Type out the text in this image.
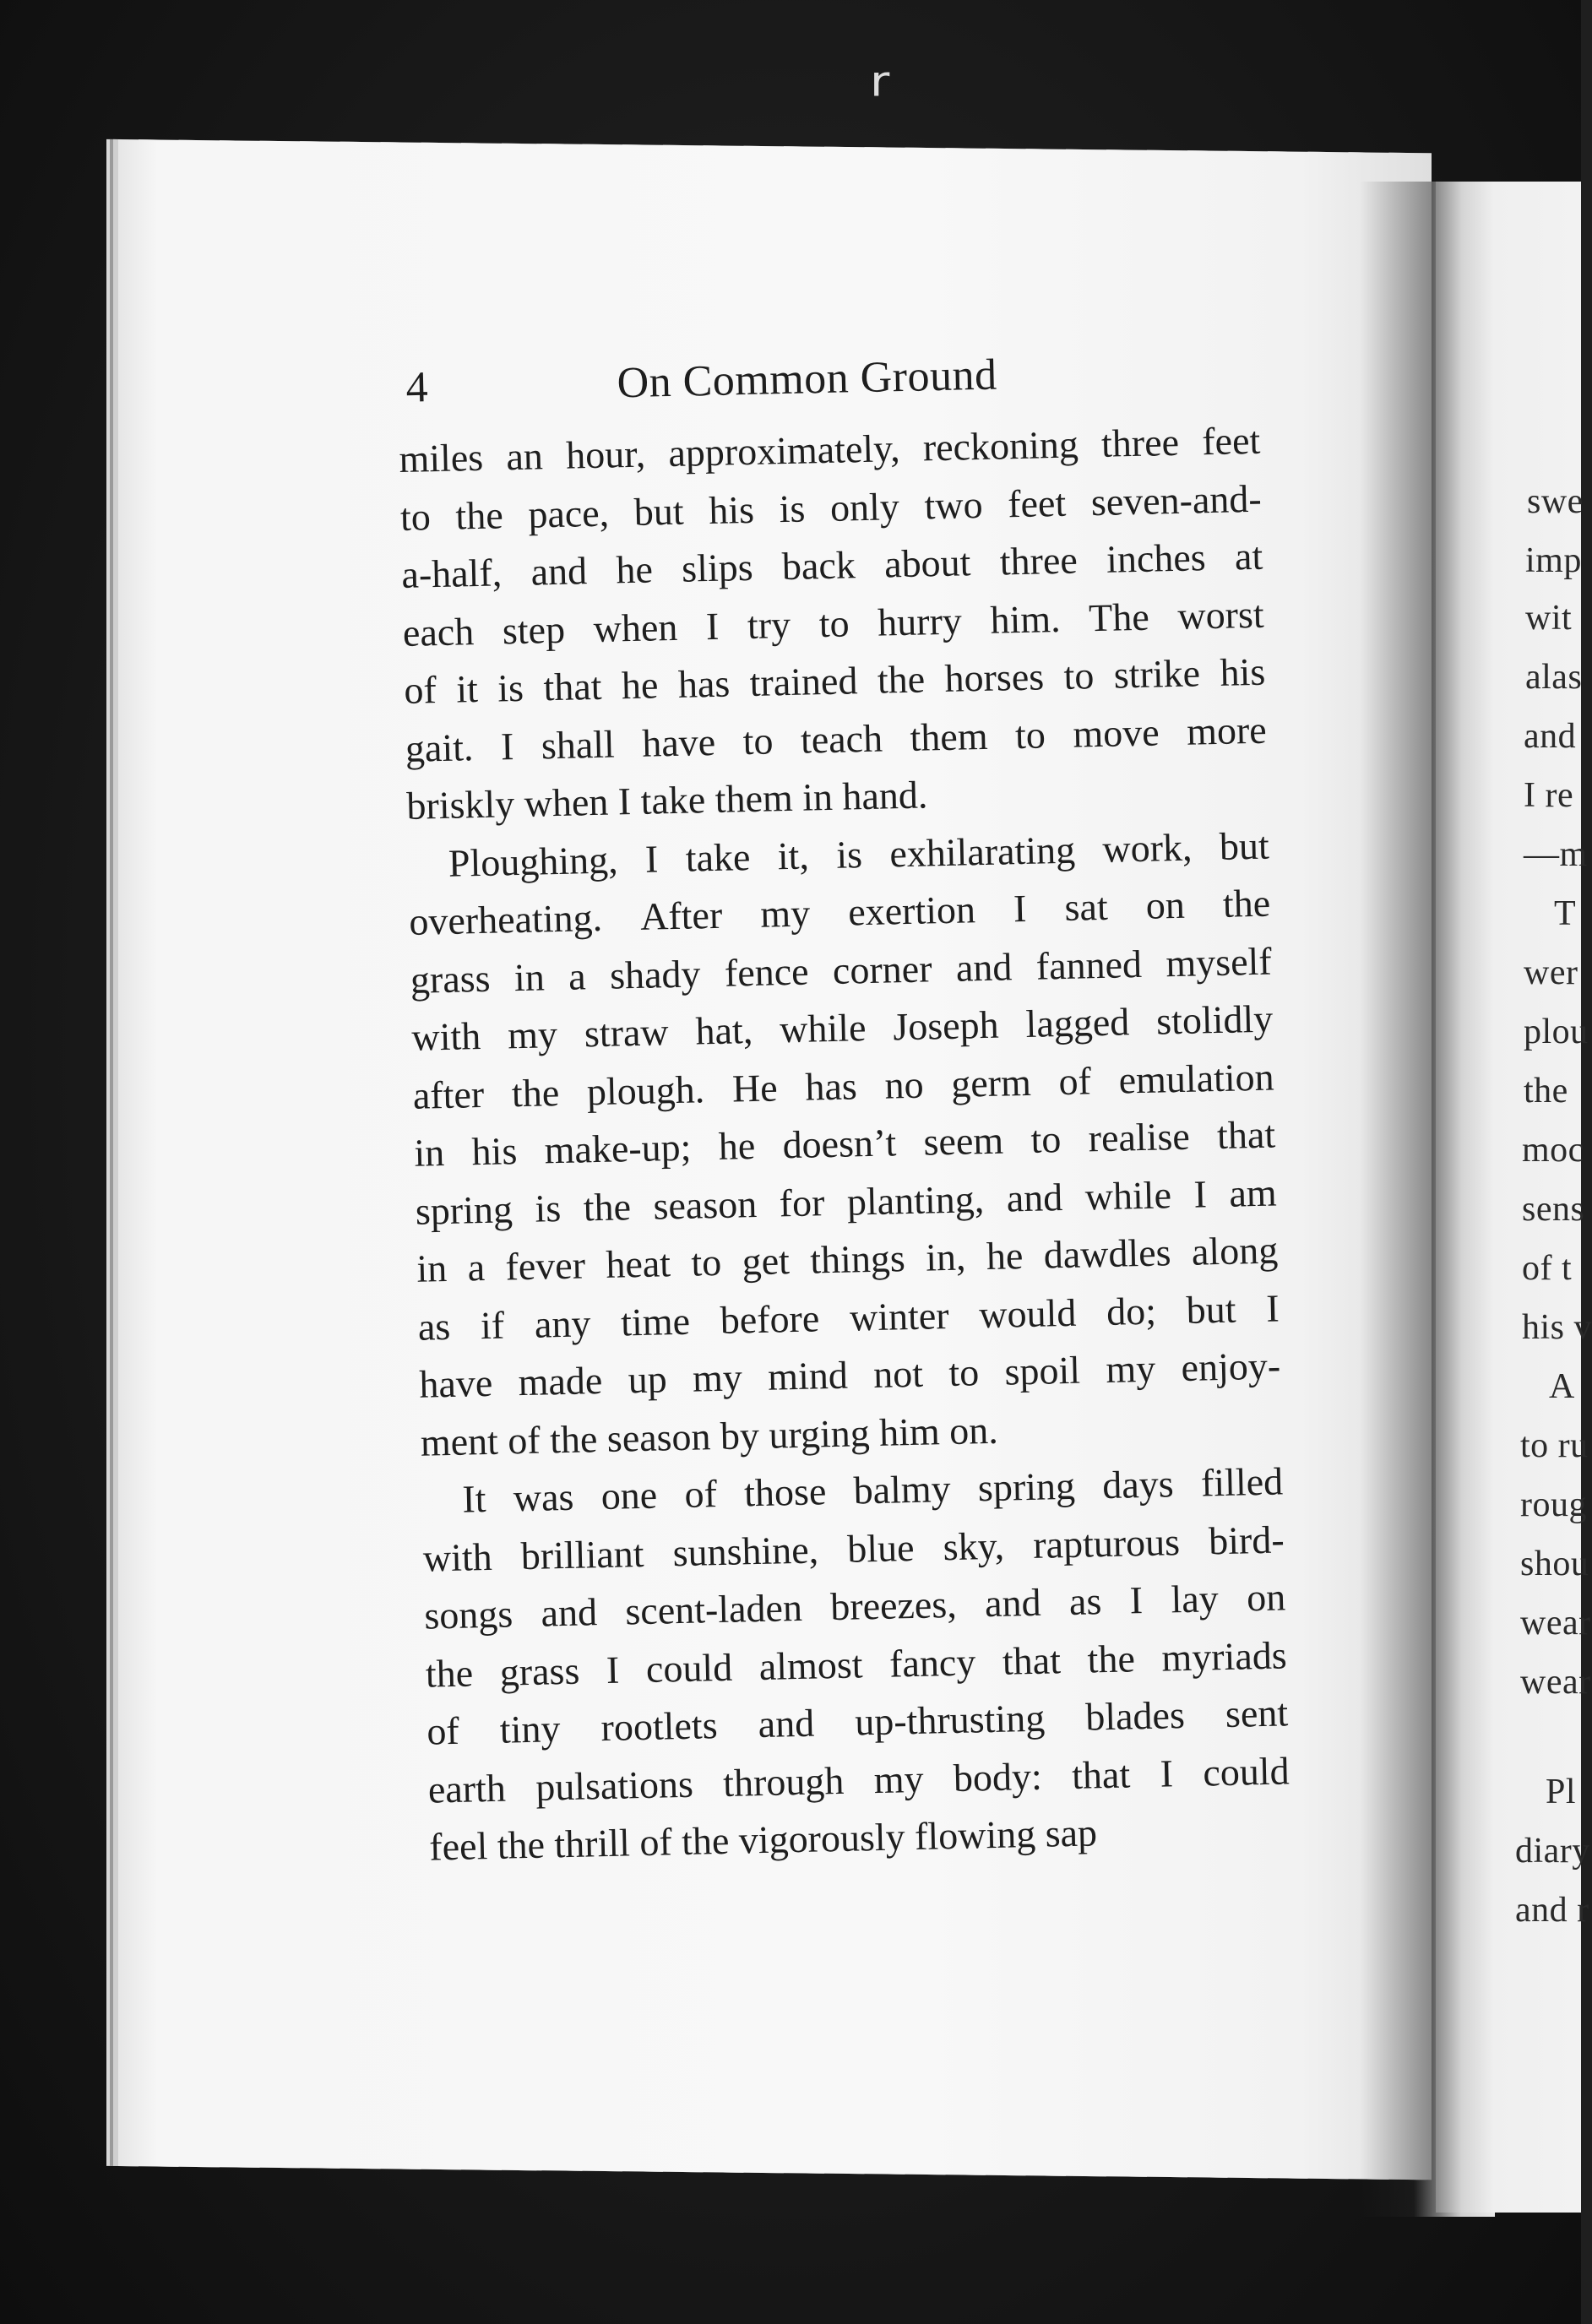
ʳ
swe
imp
wit
alas
and
I re
—m
T
wer
plou
the
moc
sens
of t
his v
A
to ru
roug
shou
wear
wear
Pl
diary
and r
4	On Common Ground
miles an hour, approximately, reckoning three feet
to the pace, but his is only two feet seven-and-
a-half, and he slips back about three inches at
each step when I try to hurry him. The worst
of it is that he has trained the horses to strike his
gait. I shall have to teach them to move more
briskly when I take them in hand.
Ploughing, I take it, is exhilarating work, but
overheating. After my exertion I sat on the
grass in a shady fence corner and fanned myself
with my straw hat, while Joseph lagged stolidly
after the plough. He has no germ of emulation
in his make-up; he doesn’t seem to realise that
spring is the season for planting, and while I am
in a fever heat to get things in, he dawdles along
as if any time before winter would do; but I
have made up my mind not to spoil my enjoy-
ment of the season by urging him on.
It was one of those balmy spring days filled
with brilliant sunshine, blue sky, rapturous bird-
songs and scent-laden breezes, and as I lay on
the grass I could almost fancy that the myriads
of tiny rootlets and up-thrusting blades sent
earth pulsations through my body: that I could
feel the thrill of the vigorously flowing sap
